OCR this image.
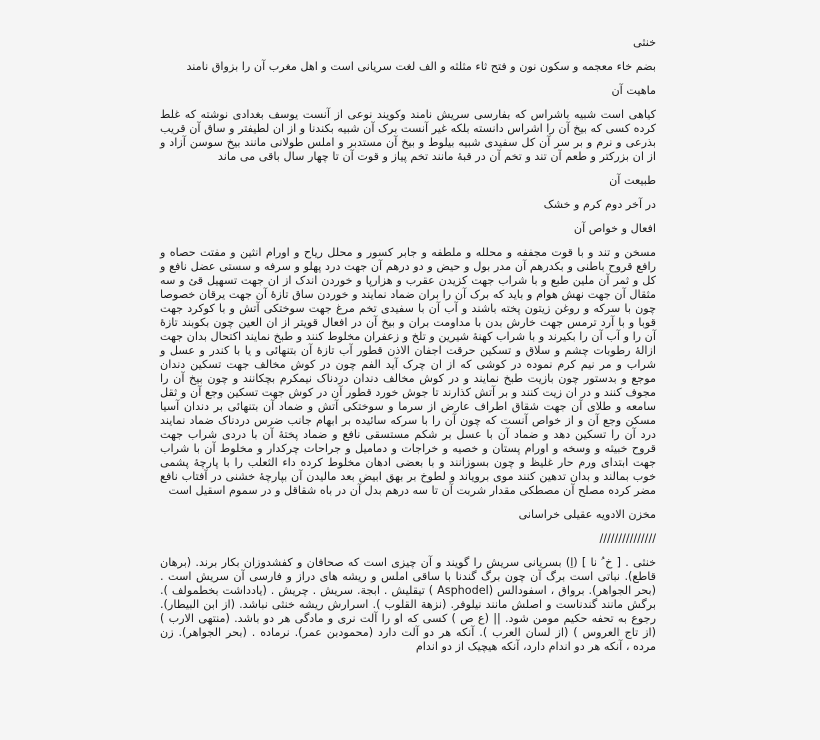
خنثی

بضم خاء معجمه و سکون نون و فتح ثاء مثلثه و الف لغت سریانی است و اهل مغرب آن را بزواق نامند

ماهیت آن

کیاهی است شبیه باشراس که بفارسی سریش نامند وکویند نوعی از آنست یوسف بغدادی نوشته که غلط کرده کسی که بیخ آن را اشراس دانسته بلکه غیر آنست برک آن شبیه بکندنا و از ان لطیفتر و ساق آن قریب بذرعی و نرم و بر سر آن کل سفیدی شبیه بیلوط و بیخ آن مستدبر و املس طولانی مانند بیخ سوسن آزاد و از ان بزرکتر و طعم آن تند و تخم آن در قبهٔ مانند تخم پیاز و قوت آن تا چهار سال باقی می ماند

طبیعت آن

در آخر دوم کرم و خشک

افعال و خواص آن

مسخن و تند و با قوت مجففه و محلله و ملطفه و جابر کسور و محلل ریاح و اورام انثین و مفتت حصاه و رافع قروح باطنی و بکدرهم آن مدر بول و حیض و دو درهم آن جهت درد پهلو و سرفه و سستی عضل نافع و کل و ثمر آن ملین طبع و با شراب جهت کزیدن عقرب و هزارپا و خوردن اندک از ان جهت تسهیل قئ و سه مثقال آن جهت نهش هوام و باید که برک آن را بران ضماد نمایند و خوردن ساق تازهٔ آن جهت یرقان خصوصا چون با سرکه و روغن زیتون پخته باشند و آب آن با سفیدی تخم مرغ جهت سوختکی آتش و با کوکرد جهت قوبا و با آرد ترمس جهت خارش بدن با مداومت بران و بیخ آن در افعال قویتر از ان العین چون بکوبند تازهٔ آن را و آب آن را بکیرند و با شراب کهنهٔ شیرین و تلخ و زعفران مخلوط کنند و طبخ نمایند اکتحال بدان جهت ازالهٔ رطوبات چشم و سلاق و تسکین حرقت اجفان الاذن قطور آب تازهٔ آن بتنهائی و یا با کندر و عسل و شراب و مر نیم کرم نموده در کوشی که از ان چرک آید الفم چون در کوش مخالف جهت تسکین دندان موجع و بدستور چون بازیت طبخ نمایند و در کوش مخالف دندان دردناک نیمکرم بچکانند و چون بیخ آن را مجوف کنند و در ان زیت کنند و بر آتش کذارند تا جوش خورد قطور آن در کوش جهت تسکین وجع آن و ثقل سامعه و طلای آن جهت شقاق اطراف عارض از سرما و سوختکی آتش و ضماد آن بتنهائی بر دندان آسیا مسکن وجع آن و از خواص آنست که چون آن را با سرکه سائیده بر ابهام جانب ضرس دردناک ضماد نمایند درد آن را تسکین دهد و ضماد آن با عسل بر شکم مستسقی نافع و ضماد پختهٔ آن با دردی شراب جهت قروح خبیثه و وسخه و اورام پستان و خصیه و خراجات و دماميل و جراحات چرکدار و مخلوط آن با شراب جهت ابتدای ورم حار غلیظ و چون بسوزانند و با بعضی ادهان مخلوط کرده داء الثعلب را با پارچهٔ پشمی خوب بمالند و بدان تدهین کنند موی برویاند و لطوخ بر بهق ابیض بعد مالیدن آن بپارچهٔ خشنی در آفتاب نافع مضر کرده مصلح آن مصطکی مقدار شربت آن تا سه درهم بدل آن در باه شقاقل و در سموم اسقیل است

مخزن الادویه عقیلی خراسانی

///////////////

خنثی . [ خ ُ نا ] (اِ) بسریانی سریش را گویند و آن چیزی است که صحافان و کفشدوزان بکار برند. (برهان قاطع). نباتی است برگ آن چون برگ گندنا با ساقی املس و ریشه های دراز و فارسی آن سریش است . (بحر الجواهر). برواق ، اسفودالس (Asphodel ) تیقلیش . ابجة. سریش . چریش . (یادداشت بخطمولف ). برگش مانند گندناست و اصلش مانند نیلوفر. (نزهة القلوب ). اسرارش ریشه خنثی نباشد. (از ابن البیطار). رجوع به تحفه حکیم مومن شود. || (ع ص ) کسی که او را آلت نری و مادگی هر دو باشد. (منتهی الارب ) (از تاج العروس ) (از لسان العرب ). آنکه هر دو آلت دارد (محمودبن عمر). نرماده . (بحر الجواهر). زن مرده ، آنکه هر دو اندام دارد، آنکه هیچیک از دو اندام
